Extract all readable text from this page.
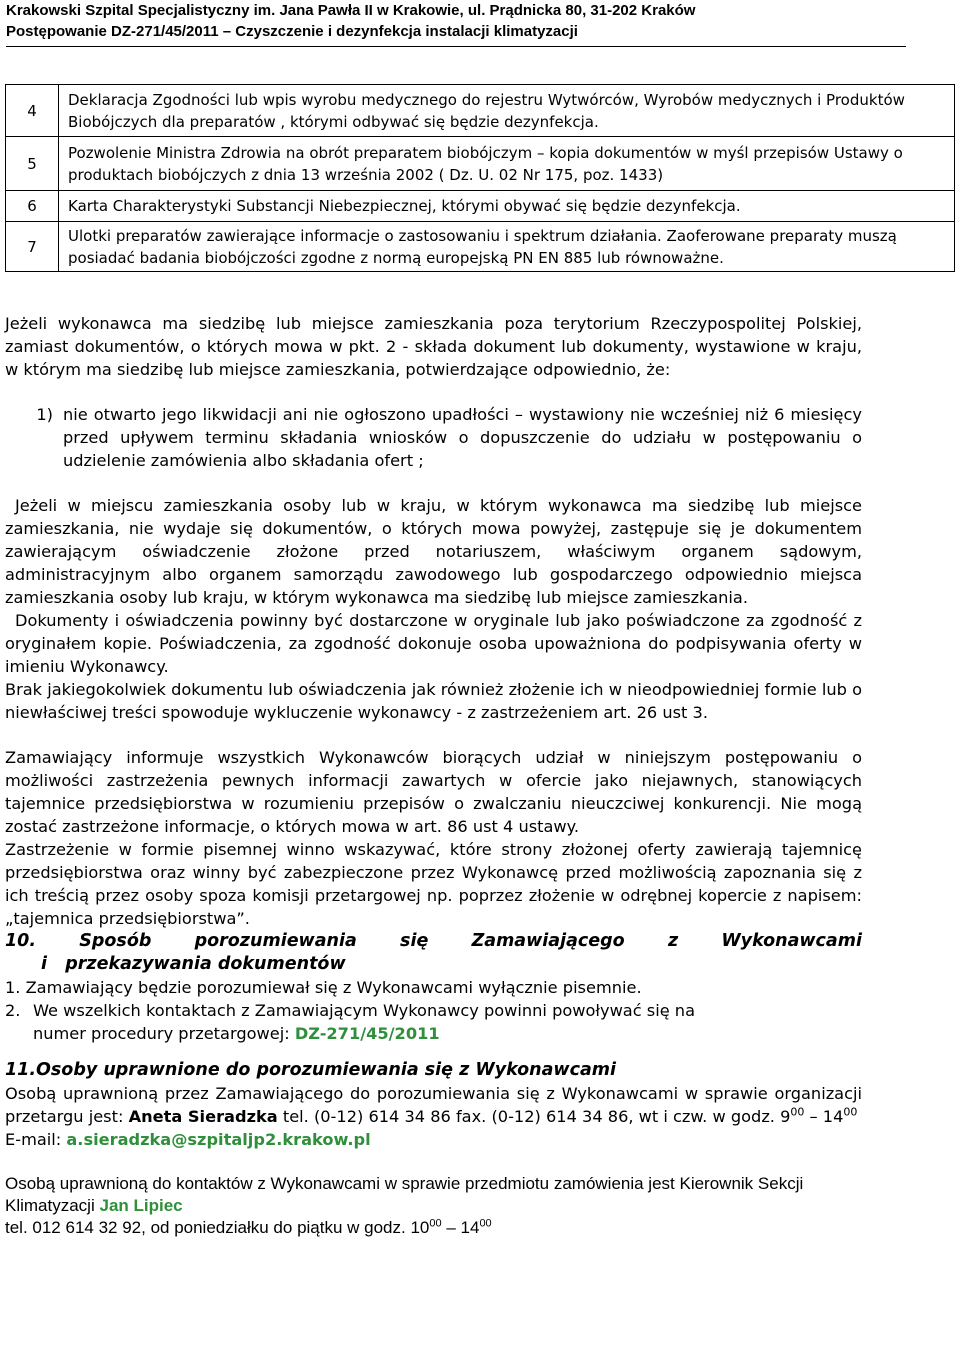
Krakowski Szpital Specjalistyczny im. Jana Pawła II w Krakowie, ul. Prądnicka 80, 31-202 Kraków
Postępowanie DZ-271/45/2011 – Czyszczenie i dezynfekcja instalacji klimatyzacji
4	Deklaracja Zgodności lub wpis wyrobu medycznego do rejestru Wytwórców, Wyrobów medycznych i Produktów Biobójczych dla preparatów , którymi odbywać się będzie dezynfekcja.
5	Pozwolenie Ministra Zdrowia na obrót preparatem biobójczym – kopia dokumentów w myśl przepisów Ustawy o produktach biobójczych z dnia 13 września 2002 ( Dz. U. 02 Nr 175, poz. 1433)
6	Karta Charakterystyki Substancji Niebezpiecznej, którymi obywać się będzie dezynfekcja.
7	Ulotki preparatów zawierające informacje o zastosowaniu i spektrum działania. Zaoferowane preparaty muszą posiadać badania biobójczości zgodne z normą europejską PN EN 885 lub równoważne.

Jeżeli wykonawca ma siedzibę lub miejsce zamieszkania poza terytorium Rzeczypospolitej Polskiej, zamiast dokumentów, o których mowa w pkt. 2 - składa dokument lub dokumenty, wystawione w kraju, w którym ma siedzibę lub miejsce zamieszkania, potwierdzające odpowiednio, że:

1) nie otwarto jego likwidacji ani nie ogłoszono upadłości – wystawiony nie wcześniej niż 6 miesięcy przed upływem terminu składania wniosków o dopuszczenie do udziału w postępowaniu o udzielenie zamówienia albo składania ofert ;

Jeżeli w miejscu zamieszkania osoby lub w kraju, w którym wykonawca ma siedzibę lub miejsce zamieszkania, nie wydaje się dokumentów, o których mowa powyżej, zastępuje się je dokumentem zawierającym oświadczenie złożone przed notariuszem, właściwym organem sądowym, administracyjnym albo organem samorządu zawodowego lub gospodarczego odpowiednio miejsca zamieszkania osoby lub kraju, w którym wykonawca ma siedzibę lub miejsce zamieszkania.

Dokumenty i oświadczenia powinny być dostarczone w oryginale lub jako poświadczone za zgodność z oryginałem kopie. Poświadczenia, za zgodność dokonuje osoba upoważniona do podpisywania oferty w imieniu Wykonawcy.

Brak jakiegokolwiek dokumentu lub oświadczenia jak również złożenie ich w nieodpowiedniej formie lub o niewłaściwej treści spowoduje wykluczenie wykonawcy - z zastrzeżeniem art. 26 ust 3.

Zamawiający informuje wszystkich Wykonawców biorących udział w niniejszym postępowaniu o możliwości zastrzeżenia pewnych informacji zawartych w ofercie jako niejawnych, stanowiących tajemnice przedsiębiorstwa w rozumieniu przepisów o zwalczaniu nieuczciwej konkurencji. Nie mogą zostać zastrzeżone informacje, o których mowa w art. 86 ust 4 ustawy.

Zastrzeżenie w formie pisemnej winno wskazywać, które strony złożonej oferty zawierają tajemnicę przedsiębiorstwa oraz winny być zabezpieczone przez Wykonawcę przed możliwością zapoznania się z ich treścią przez osoby spoza komisji przetargowej np. poprzez złożenie w odrębnej kopercie z napisem: „tajemnica przedsiębiorstwa”.

10. Sposób porozumiewania się Zamawiającego z Wykonawcami
i   przekazywania dokumentów

1. Zamawiający będzie porozumiewał się z Wykonawcami wyłącznie pisemnie.

2. We wszelkich kontaktach z Zamawiającym Wykonawcy powinni powoływać się na

numer procedury przetargowej: DZ-271/45/2011

11.Osoby uprawnione do porozumiewania się z Wykonawcami

Osobą uprawnioną przez Zamawiającego do porozumiewania się z Wykonawcami w sprawie organizacji przetargu jest: Aneta Sieradzka tel. (0-12) 614 34 86 fax. (0-12) 614 34 86, wt i czw. w godz. $9^{00} - 14^{00}$

E-mail: a.sieradzka@szpitaljp2.krakow.pl

Osobą uprawnioną do kontaktów z Wykonawcami w sprawie przedmiotu zamówienia jest Kierownik Sekcji Klimatyzacji Jan Lipiec
tel. 012 614 32 92, od poniedziałku do piątku w godz. $10^{00} - 14^{00}$
